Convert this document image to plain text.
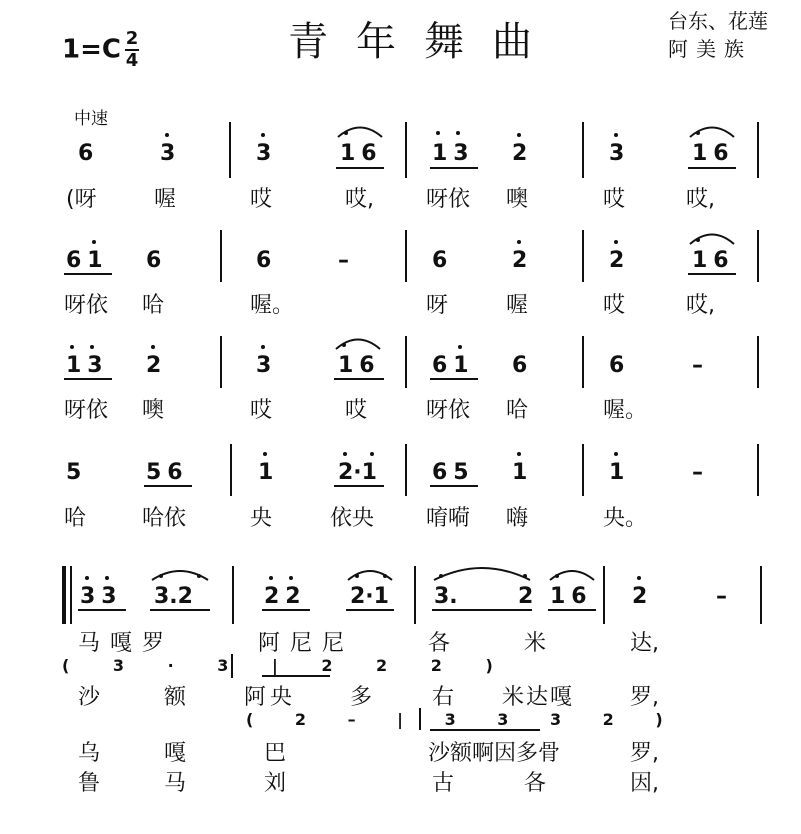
$1=C \frac{2}{4}$	青年舞曲	台东、花莲
阿美族
中速
6	3	3	16 13 2	3	16
(呀	喔	哎	哎, 呀依 噢	哎	哎,
61 6	6	–	6	2	2	16
呀依 哈	喔。	呀	喔	哎	哎,
13 2	3	16 61 6	6	–
呀依 噢	哎	哎	呀依 哈	喔。
5	56	1	2·1	65 1	1	–
哈	哈依	央	依央 唷嗬 嗨	央。
33 3.2	22 2·1 3.	2 16 2	–
马嘎罗	阿尼尼	各	米	达,
( 3 · 3 | 2 2 2 )
沙	额	阿央 多	右 米达嘎	罗,
( 2 – | 3 3 3 2 )
乌	嘎	巴	沙额啊因多骨	罗,
鲁	马	刘	古	各	因,
